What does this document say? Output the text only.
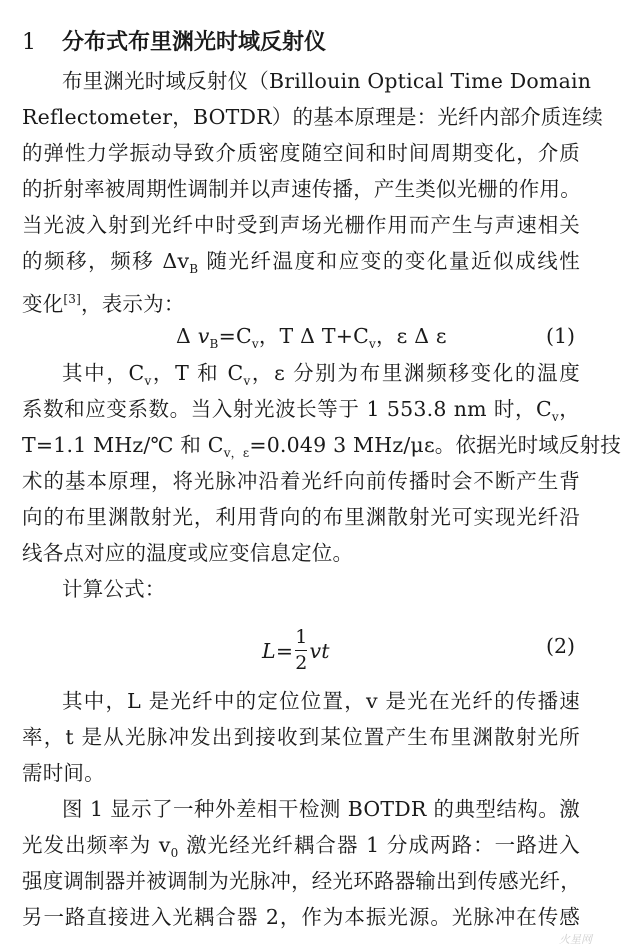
1 分布式布里渊光时域反射仪
布里渊光时域反射仪（Brillouin Optical Time Domain
Reflectometer，BOTDR）的基本原理是：光纤内部介质连续
的弹性力学振动导致介质密度随空间和时间周期变化，介质
的折射率被周期性调制并以声速传播，产生类似光栅的作用。
当光波入射到光纤中时受到声场光栅作用而产生与声速相关
的频移，频移 $\Delta v_B$ 随光纤温度和应变的变化量近似成线性
变化[3]，表示为：
Δ $v_B=C_v$，T Δ $T+C_v$，ε Δ ε	(1)
其中，$C_v$，T 和 $C_v$，ε 分别为布里渊频移变化的温度
系数和应变系数。当入射光波长等于 1 553.8 nm 时，$C_v$，
T=1.1 MHz/℃ 和 $C_{v,\varepsilon}=0.049$ 3 MHz/με。依据光时域反射技
术的基本原理，将光脉冲沿着光纤向前传播时会不断产生背
向的布里渊散射光，利用背向的布里渊散射光可实现光纤沿
线各点对应的温度或应变信息定位。
计算公式：
$L= \frac{1}{2}$ vt	(2)
其中，L 是光纤中的定位位置，v 是光在光纤的传播速
率，t 是从光脉冲发出到接收到某位置产生布里渊散射光所
需时间。
图 1 显示了一种外差相干检测 BOTDR 的典型结构。激
光发出频率为 $v_0$ 激光经光纤耦合器 1 分成两路：一路进入
强度调制器并被调制为光脉冲，经光环路器输出到传感光纤，
另一路直接进入光耦合器 2，作为本振光源。光脉冲在传感
火星网
